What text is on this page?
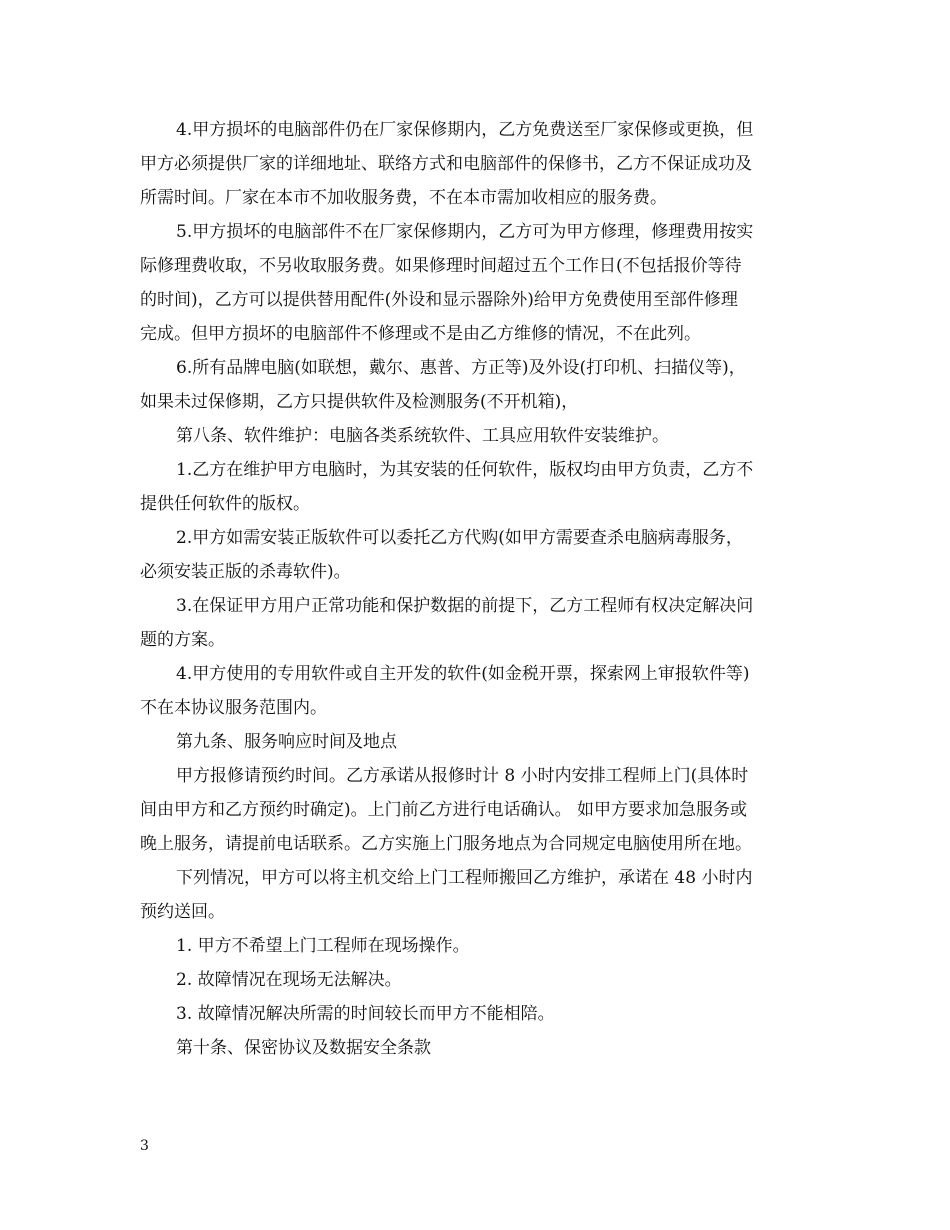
4.甲方损坏的电脑部件仍在厂家保修期内，乙方免费送至厂家保修或更换，但
甲方必须提供厂家的详细地址、联络方式和电脑部件的保修书，乙方不保证成功及
所需时间。厂家在本市不加收服务费，不在本市需加收相应的服务费。
5.甲方损坏的电脑部件不在厂家保修期内，乙方可为甲方修理，修理费用按实
际修理费收取，不另收取服务费。如果修理时间超过五个工作日(不包括报价等待
的时间)，乙方可以提供替用配件(外设和显示器除外)给甲方免费使用至部件修理
完成。但甲方损坏的电脑部件不修理或不是由乙方维修的情况，不在此列。
6.所有品牌电脑(如联想，戴尔、惠普、方正等)及外设(打印机、扫描仪等)，
如果未过保修期，乙方只提供软件及检测服务(不开机箱)，
第八条、软件维护：电脑各类系统软件、工具应用软件安装维护。
1.乙方在维护甲方电脑时，为其安装的任何软件，版权均由甲方负责，乙方不
提供任何软件的版权。
2.甲方如需安装正版软件可以委托乙方代购(如甲方需要查杀电脑病毒服务，
必须安装正版的杀毒软件)。
3.在保证甲方用户正常功能和保护数据的前提下，乙方工程师有权决定解决问
题的方案。
4.甲方使用的专用软件或自主开发的软件(如金税开票，探索网上审报软件等)
不在本协议服务范围内。
第九条、服务响应时间及地点
甲方报修请预约时间。乙方承诺从报修时计 8 小时内安排工程师上门(具体时
间由甲方和乙方预约时确定)。上门前乙方进行电话确认。 如甲方要求加急服务或
晚上服务，请提前电话联系。乙方实施上门服务地点为合同规定电脑使用所在地。
下列情况，甲方可以将主机交给上门工程师搬回乙方维护，承诺在 48 小时内
预约送回。
1. 甲方不希望上门工程师在现场操作。
2. 故障情况在现场无法解决。
3. 故障情况解决所需的时间较长而甲方不能相陪。
第十条、保密协议及数据安全条款
3
